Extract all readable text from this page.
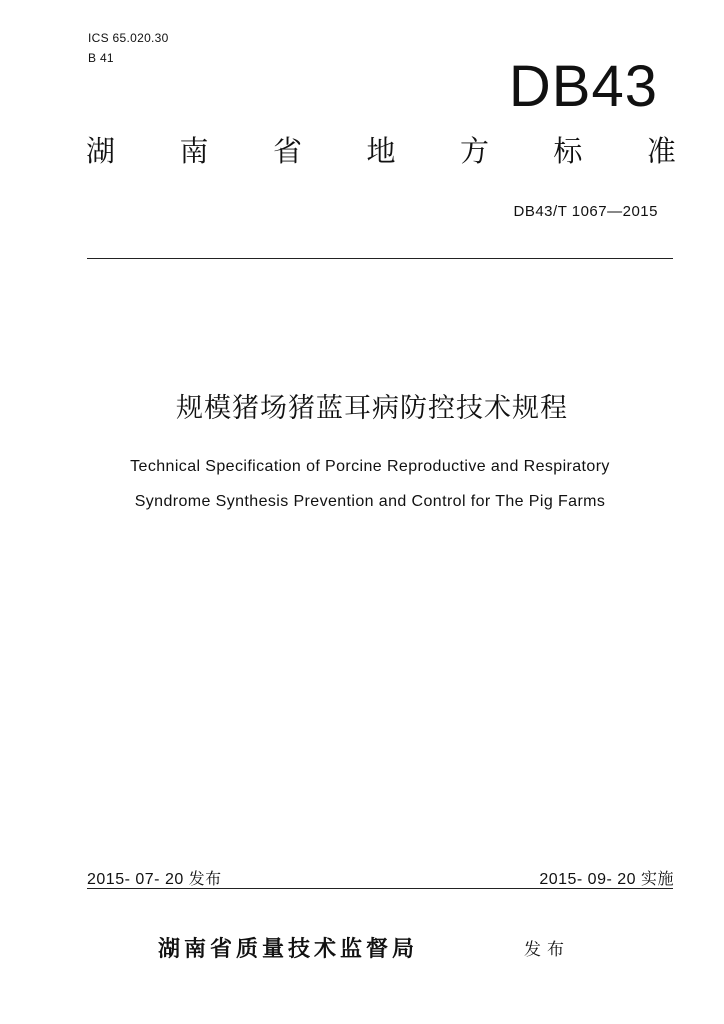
ICS 65.020.30
B 41	DB43
湖 南 省 地 方 标 准
DB43/T 1067—2015
规模猪场猪蓝耳病防控技术规程
Technical Specification of Porcine Reproductive and Respiratory
Syndrome Synthesis Prevention and Control for The Pig Farms
2015- 07- 20 发布	2015- 09- 20 实施
湖南省质量技术监督局	发布
